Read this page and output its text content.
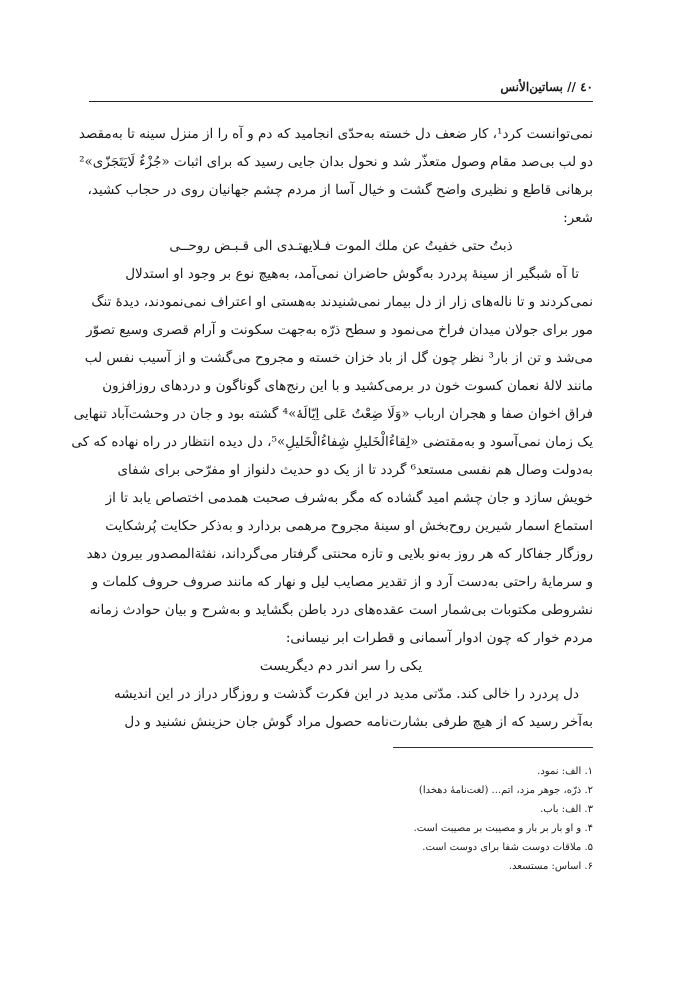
٤٠ // بساتین‌الأنس
نمی‌توانست کرد¹، کار ضعف دل خسته به‌حدّی انجامید که دم و آه را از منزل سینه تا به‌مقصد
دو لب بی‌صد مقام وصول متعذّر شد و نحول بدان جایی رسید که برای اثبات «جُزْءٌ لَایَتَجَزّی»²
برهانی قاطع و نظیری واضح گشت و خیال آسا از مردم چشم جهانیان روی در حجاب کشید،
شعر:
ذبتُ حتی خفیتُ عن ملك الموت فـلایهتـدی الی قـبـض روحــی
تا آه شبگیر از سینهٔ پردرد به‌گوش حاضران نمی‌آمد، به‌هیچ نوع بر وجود او استدلال
نمی‌کردند و تا ناله‌های زار از دل بیمار نمی‌شنیدند به‌هستی او اعتراف نمی‌نمودند، دیدهٔ تنگ
مور برای جولان میدان فراخ می‌نمود و سطح ذرّه به‌جهت سکونت و آرام قصری وسیع تصوّر
می‌شد و تن از بار³ نظر چون گل از باد خزان خسته و مجروح می‌گشت و از آسیب نفس لب
مانند لالهٔ نعمان کسوت خون در برمی‌کشید و با این رنج‌های گوناگون و دردهای روزافزون
فراق اخوان صفا و هجران ارباب «وَلَا ضِعْتُ عَلی اِیّالَهٔ»⁴ گشته بود و جان در وحشت‌آباد تنهایی
یک زمان نمی‌آسود و به‌مقتضی «لِقاءُالْخَلیلِ شِفاءُالْخَلیلِ»⁵، دل دیده انتظار در راه نهاده که کی
به‌دولت وصال هم نفسی مستعد⁶ گردد تا از یک دو حدیث دلنواز او مفرّحی برای شفای
خویش سازد و جان چشم امید گشاده که مگر به‌شرف صحبت همدمی اختصاص یابد تا از
استماع اسمار شیرین روح‌بخش او سینهٔ مجروح مرهمی بردارد و به‌ذکر حکایت پُرشکایت
روزگار جفاکار که هر روز به‌نو بلایی و تازه محنتی گرفتار می‌گرداند، نفثةالمصدور بیرون دهد
و سرمایهٔ راحتی به‌دست آرد و از تقدیر مصایب لیل و نهار که مانند صروف حروف کلمات و
نشروطی مکتوبات بی‌شمار است عقده‌های درد باطن بگشاید و به‌شرح و بیان حوادث زمانه
مردم خوار که چون ادوار آسمانی و قطرات ابر نیسانی:
یکی را سر اندر دم دیگریست
دل پردرد را خالی کند. مدّتی مدید در این فکرت گذشت و روزگار دراز در این اندیشه
به‌آخر رسید که از هیچ طرفی بشارت‌نامه حصول مراد گوش جان حزینش نشنید و دل
١. الف: نمود.
٢. ذرّه، جوهر مزد، اتم... (لغت‌نامهٔ دهخدا)
٣. الف: باب.
۴. و او بار بر بار و مصیبت بر مصیبت است.
۵. ملاقات دوست شفا برای دوست است.
۶. اساس: مستسعد.
